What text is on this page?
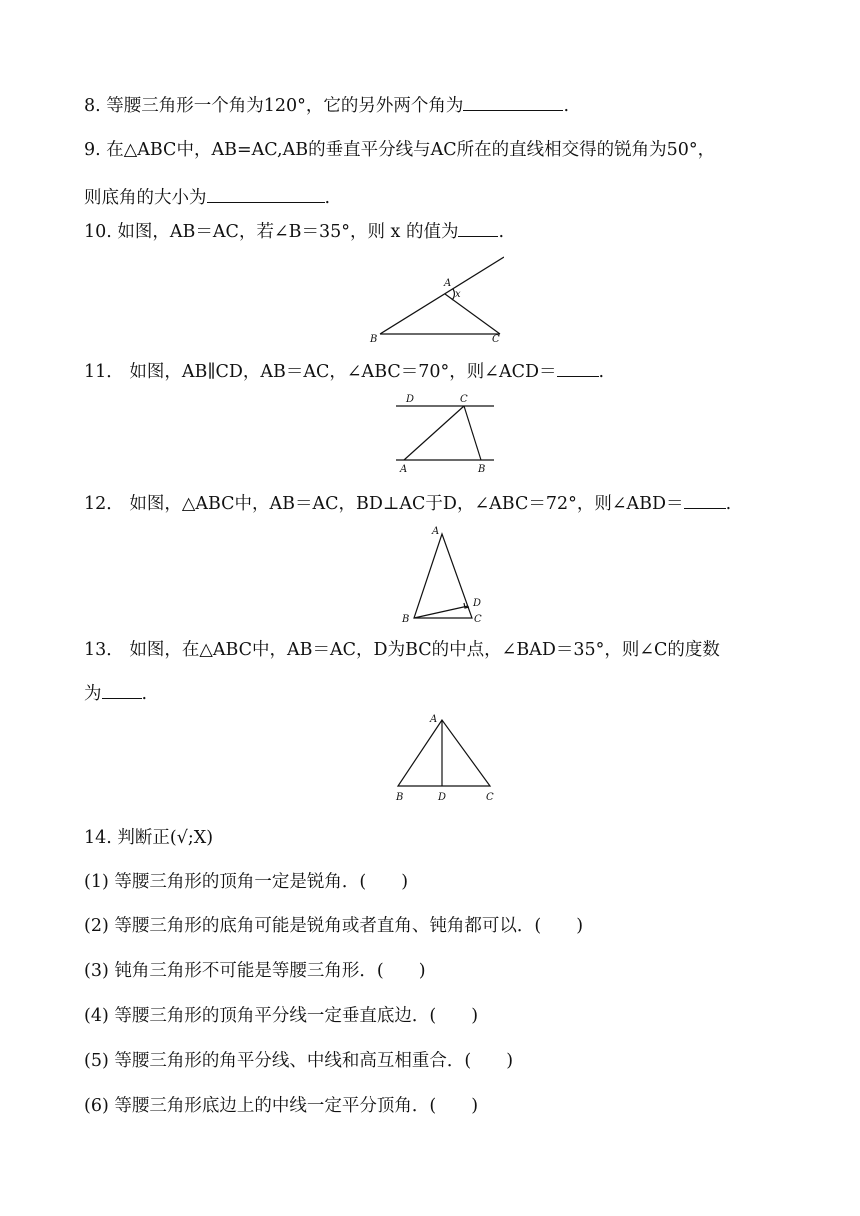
8. 等腰三角形一个角为120°，它的另外两个角为	.
9. 在△ABC中，AB=AC,AB的垂直平分线与AC所在的直线相交得的锐角为50°，
则底角的大小为	.
10. 如图，AB＝AC，若∠B＝35°，则 x 的值为 .
A
x
B	C
11． 如图，AB∥CD，AB＝AC，∠ABC＝70°，则∠ACD＝ .
D	C
A	B
12． 如图，△ABC中，AB＝AC，BD⊥AC于D，∠ABC＝72°，则∠ABD＝ .
A
B	C
D
13． 如图，在△ABC中，AB＝AC，D为BC的中点，∠BAD＝35°，则∠C的度数
为 .
A
B	D	C
14. 判断正(√;X)
(1) 等腰三角形的顶角一定是锐角．(　　)
(2) 等腰三角形的底角可能是锐角或者直角、钝角都可以．(　　)
(3) 钝角三角形不可能是等腰三角形．(　　)
(4) 等腰三角形的顶角平分线一定垂直底边．(　　)
(5) 等腰三角形的角平分线、中线和高互相重合．(　　)
(6) 等腰三角形底边上的中线一定平分顶角．(　　)
